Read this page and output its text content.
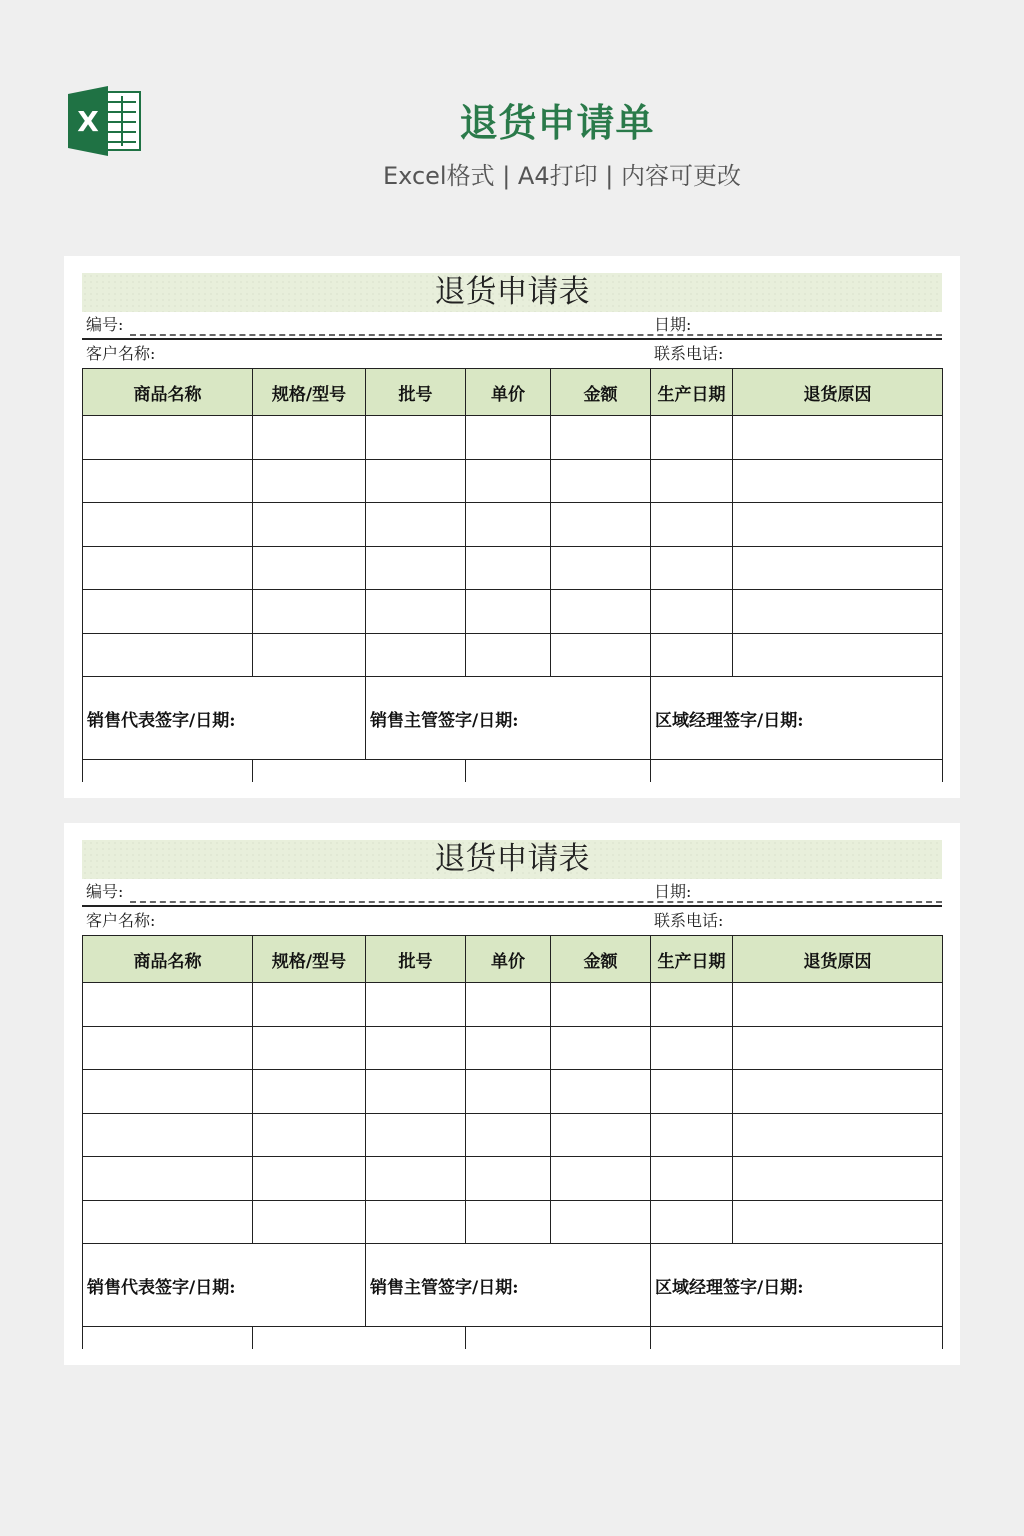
X	退货申请单
Excel格式 | A4打印 | 内容可更改
退货申请表
编号:	日期:
客户名称:	联系电话:
商品名称	规格/型号	批号	单价	金额	生产日期	退货原因

销售代表签字/日期:		销售主管签字/日期:			区域经理签字/日期:	

退货申请表
编号:	日期:
客户名称:	联系电话:
商品名称	规格/型号	批号	单价	金额	生产日期	退货原因

销售代表签字/日期:		销售主管签字/日期:			区域经理签字/日期:	
